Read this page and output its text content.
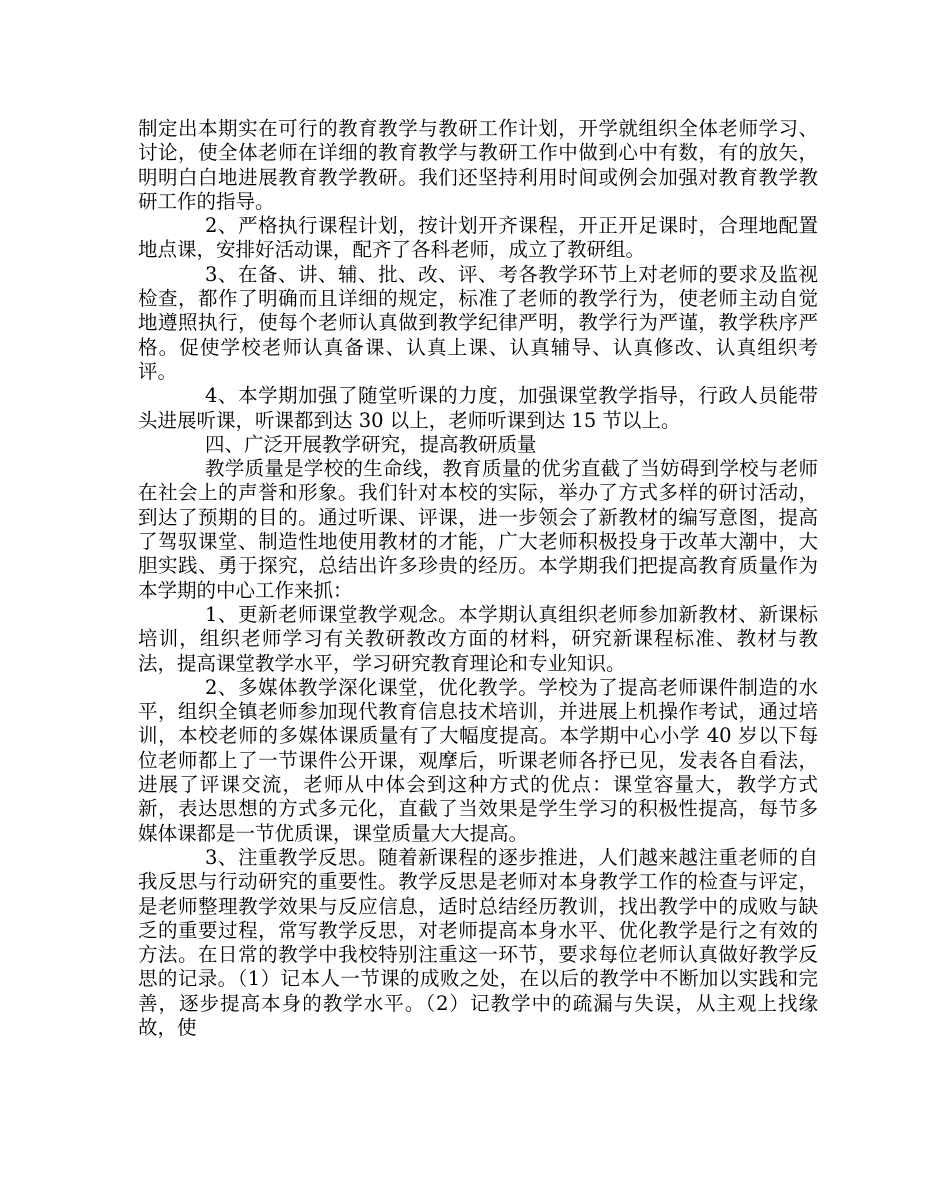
制定出本期实在可行的教育教学与教研工作计划，开学就组织全体老师学习、讨论，使全体老师在详细的教育教学与教研工作中做到心中有数，有的放矢，明明白白地进展教育教学教研。我们还坚持利用时间或例会加强对教育教学教研工作的指导。

2、严格执行课程计划，按计划开齐课程，开正开足课时，合理地配置地点课，安排好活动课，配齐了各科老师，成立了教研组。

3、在备、讲、辅、批、改、评、考各教学环节上对老师的要求及监视检查，都作了明确而且详细的规定，标准了老师的教学行为，使老师主动自觉地遵照执行，使每个老师认真做到教学纪律严明，教学行为严谨，教学秩序严格。促使学校老师认真备课、认真上课、认真辅导、认真修改、认真组织考评。

4、本学期加强了随堂听课的力度，加强课堂教学指导，行政人员能带头进展听课，听课都到达 30 以上，老师听课到达 15 节以上。

四、广泛开展教学研究，提高教研质量

教学质量是学校的生命线，教育质量的优劣直截了当妨碍到学校与老师在社会上的声誉和形象。我们针对本校的实际，举办了方式多样的研讨活动，到达了预期的目的。通过听课、评课，进一步领会了新教材的编写意图，提高了驾驭课堂、制造性地使用教材的才能，广大老师积极投身于改革大潮中，大胆实践、勇于探究，总结出许多珍贵的经历。本学期我们把提高教育质量作为本学期的中心工作来抓：

1、更新老师课堂教学观念。本学期认真组织老师参加新教材、新课标培训，组织老师学习有关教研教改方面的材料，研究新课程标准、教材与教法，提高课堂教学水平，学习研究教育理论和专业知识。

2、多媒体教学深化课堂，优化教学。学校为了提高老师课件制造的水平，组织全镇老师参加现代教育信息技术培训，并进展上机操作考试，通过培训，本校老师的多媒体课质量有了大幅度提高。本学期中心小学 40 岁以下每位老师都上了一节课件公开课，观摩后，听课老师各抒已见，发表各自看法，进展了评课交流，老师从中体会到这种方式的优点：课堂容量大，教学方式新，表达思想的方式多元化，直截了当效果是学生学习的积极性提高，每节多媒体课都是一节优质课，课堂质量大大提高。

3、注重教学反思。随着新课程的逐步推进，人们越来越注重老师的自我反思与行动研究的重要性。教学反思是老师对本身教学工作的检查与评定，是老师整理教学效果与反应信息，适时总结经历教训，找出教学中的成败与缺乏的重要过程，常写教学反思，对老师提高本身水平、优化教学是行之有效的方法。在日常的教学中我校特别注重这一环节，要求每位老师认真做好教学反思的记录。（1）记本人一节课的成败之处，在以后的教学中不断加以实践和完善，逐步提高本身的教学水平。（2）记教学中的疏漏与失误，从主观上找缘故，使
